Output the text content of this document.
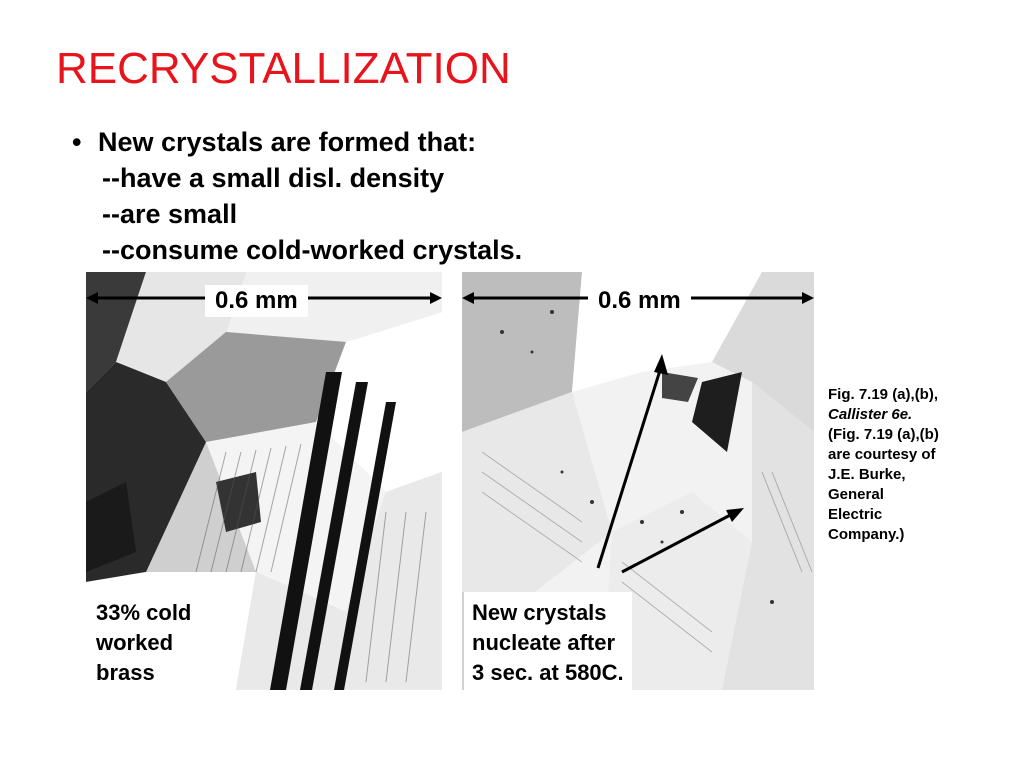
RECRYSTALLIZATION
• New crystals are formed that:
--have a small disl. density
--are small
--consume cold-worked crystals.
0.6 mm	0.6 mm
33% cold
worked
brass
New crystals
nucleate after
3 sec. at 580C.
Fig. 7.19 (a),(b),
Callister 6e.
(Fig. 7.19 (a),(b)
are courtesy of
J.E. Burke,
General
Electric
Company.)
